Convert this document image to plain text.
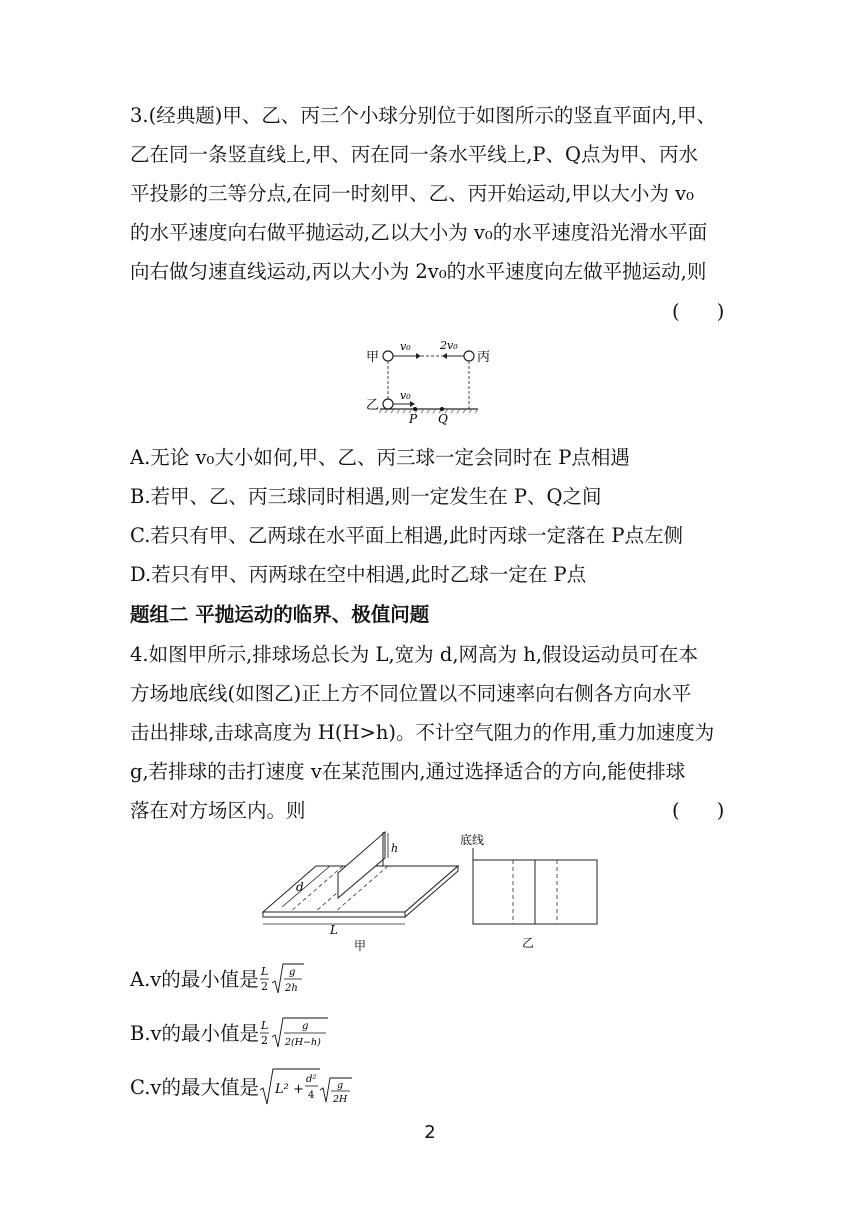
3.(经典题)甲、乙、丙三个小球分别位于如图所示的竖直平面内,甲、
乙在同一条竖直线上,甲、丙在同一条水平线上,P、Q点为甲、丙水
平投影的三等分点,在同一时刻甲、乙、丙开始运动,甲以大小为 v₀
的水平速度向右做平抛运动,乙以大小为 v₀的水平速度沿光滑水平面
向右做匀速直线运动,丙以大小为 2v₀的水平速度向左做平抛运动,则
(      )
甲
v₀	2v₀
丙
乙
v₀
P Q
A.无论 v₀大小如何,甲、乙、丙三球一定会同时在 P点相遇
B.若甲、乙、丙三球同时相遇,则一定发生在 P、Q之间
C.若只有甲、乙两球在水平面上相遇,此时丙球一定落在 P点左侧
D.若只有甲、丙两球在空中相遇,此时乙球一定在 P点
题组二 平抛运动的临界、极值问题
4.如图甲所示,排球场总长为 L,宽为 d,网高为 h,假设运动员可在本
方场地底线(如图乙)正上方不同位置以不同速率向右侧各方向水平
击出排球,击球高度为 H(H>h)。不计空气阻力的作用,重力加速度为
g,若排球的击打速度 v在某范围内,通过选择适合的方向,能使排球
落在对方场区内。则	(      )
h
d
L
甲
底线
乙
A.v的最小值是 L
2
g
2h
B.v的最小值是 L
2
g
2(H−h)
C.v的最大值是 L² +
d²
4
g
2H
2
